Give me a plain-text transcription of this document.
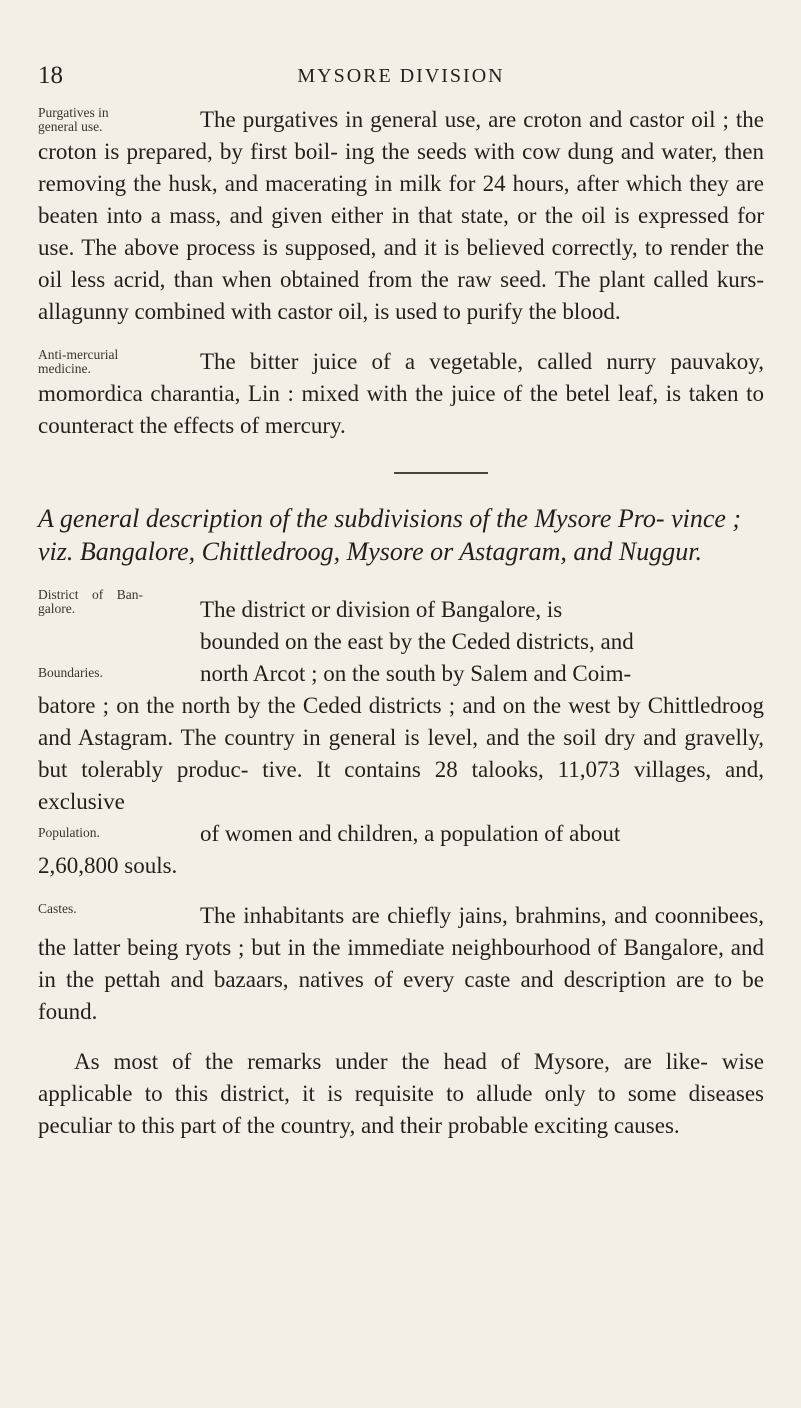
18	MYSORE DIVISION
Purgatives in general use.	The purgatives in general use, are croton and castor oil ; the croton is prepared, by first boil- ing the seeds with cow dung and water, then removing the husk, and macerating in milk for 24 hours, after which they are beaten into a mass, and given either in that state, or the oil is expressed for use. The above process is supposed, and it is believed correctly, to render the oil less acrid, than when obtained from the raw seed. The plant called kurs-allagunny combined with castor oil, is used to purify the blood.

Anti-mercurial medicine.	The bitter juice of a vegetable, called nurry pauvakoy, momordica charantia, Lin : mixed with the juice of the betel leaf, is taken to counteract the effects of mercury.

A general description of the subdivisions of the Mysore Pro- vince ; viz. Bangalore, Chittledroog, Mysore or Astagram, and Nuggur.

District of Ban- galore.	The district or division of Bangalore, is
bounded on the east by the Ceded districts, and
Boundaries.	north Arcot ; on the south by Salem and Coim-
batore ; on the north by the Ceded districts ; and on the west by Chittledroog and Astagram. The country in general is level, and the soil dry and gravelly, but tolerably produc- tive. It contains 28 talooks, 11,073 villages, and, exclusive
Population.	of women and children, a population of about
2,60,800 souls.

Castes.	The inhabitants are chiefly jains, brahmins, and coonnibees, the latter being ryots ; but in the immediate neighbourhood of Bangalore, and in the pettah and bazaars, natives of every caste and description are to be found.

As most of the remarks under the head of Mysore, are like- wise applicable to this district, it is requisite to allude only to some diseases peculiar to this part of the country, and their probable exciting causes.
